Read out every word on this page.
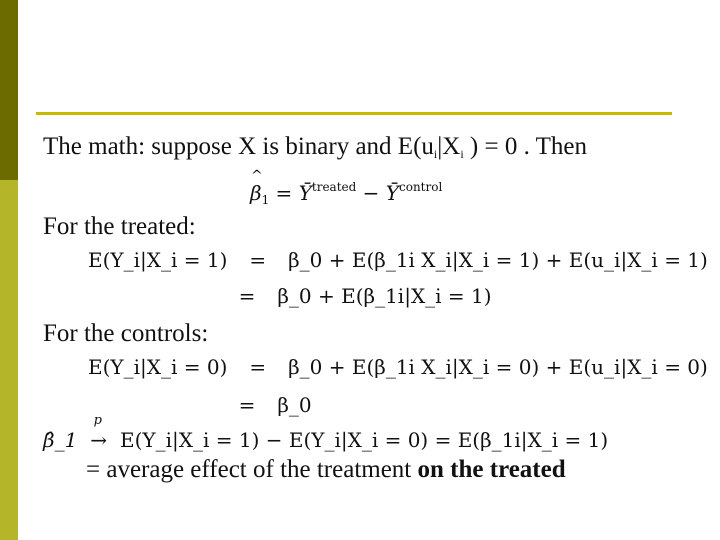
The math: suppose X is binary and $E(u_i|X_i$ ) = 0 . Then
^ $\beta_1$ = $Ȳ^{treated}$ − $Ȳ^{control}$
For the treated:
E(Y_i|X_i = 1) = β_0 + E(β_1i X_i|X_i = 1) + E(u_i|X_i = 1)
= β_0 + E(β_1i|X_i = 1)
For the controls:
E(Y_i|X_i = 0) = β_0 + E(β_1i X_i|X_i = 0) + E(u_i|X_i = 0)
= β_0
β̂_1
p
→ E(Y_i|X_i = 1) − E(Y_i|X_i = 0) = E(β_1i|X_i = 1)
= average effect of the treatment on the treated
